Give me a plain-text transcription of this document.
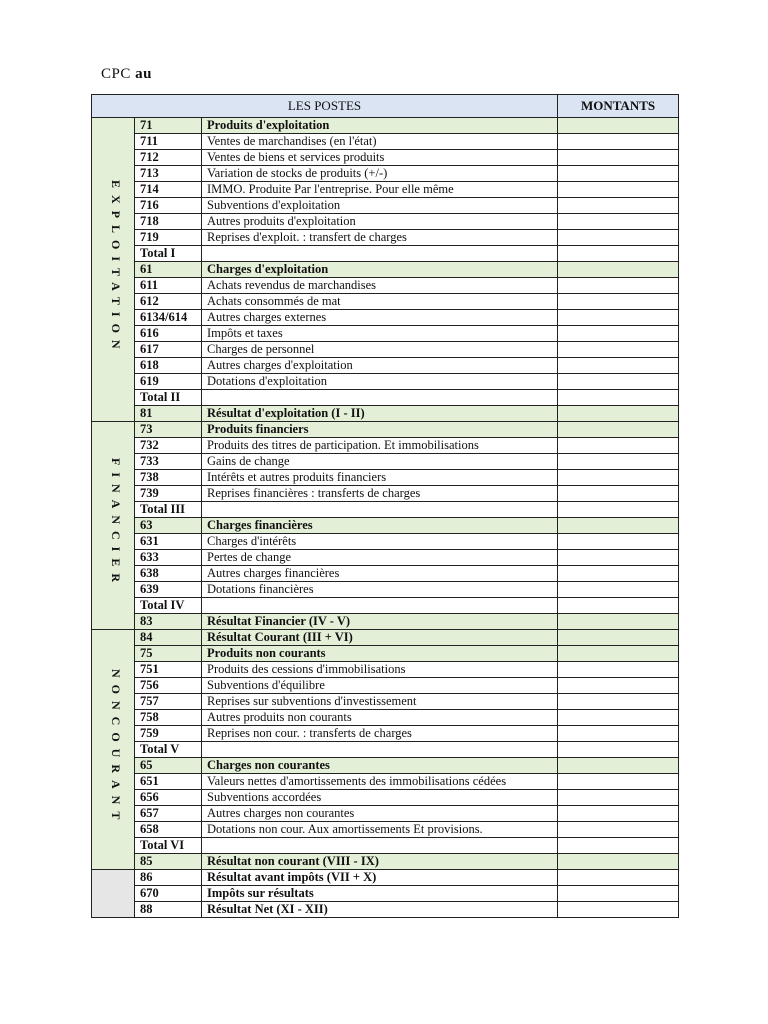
CPC au
LES POSTES			MONTANTS
EXPLOITATION	71	Produits d'exploitation	
	711	Ventes de marchandises (en l'état)	
	712	Ventes de biens et services produits	
	713	Variation de stocks de produits (+/-)	
	714	IMMO. Produite Par l'entreprise. Pour elle même	
	716	Subventions d'exploitation	
	718	Autres produits d'exploitation	
	719	Reprises d'exploit. : transfert de charges	
	Total I		
	61	Charges d'exploitation	
	611	Achats revendus de marchandises	
	612	Achats consommés de mat	
	6134/614	Autres charges externes	
	616	Impôts et taxes	
	617	Charges de personnel	
	618	Autres charges d'exploitation	
	619	Dotations d'exploitation	
	Total II		
	81	Résultat d'exploitation (I - II)	
FINANCIER	73	Produits financiers	
	732	Produits des titres de participation. Et immobilisations	
	733	Gains de change	
	738	Intérêts et autres produits financiers	
	739	Reprises financières : transferts de charges	
	Total III		
	63	Charges financières	
	631	Charges d'intérêts	
	633	Pertes de change	
	638	Autres charges financières	
	639	Dotations financières	
	Total IV		
	83	Résultat Financier (IV - V)	
NONCOURANT	84	Résultat Courant (III + VI)	
	75	Produits non courants	
	751	Produits des cessions d'immobilisations	
	756	Subventions d'équilibre	
	757	Reprises sur subventions d'investissement	
	758	Autres produits non courants	
	759	Reprises non cour. : transferts de charges	
	Total V		
	65	Charges non courantes	
	651	Valeurs nettes d'amortissements des immobilisations cédées	
	656	Subventions accordées	
	657	Autres charges non courantes	
	658	Dotations non cour. Aux amortissements Et provisions.	
	Total VI		
	85	Résultat non courant (VIII - IX)	
	86	Résultat avant impôts (VII + X)	
	670	Impôts sur résultats	
	88	Résultat Net (XI - XII)	
